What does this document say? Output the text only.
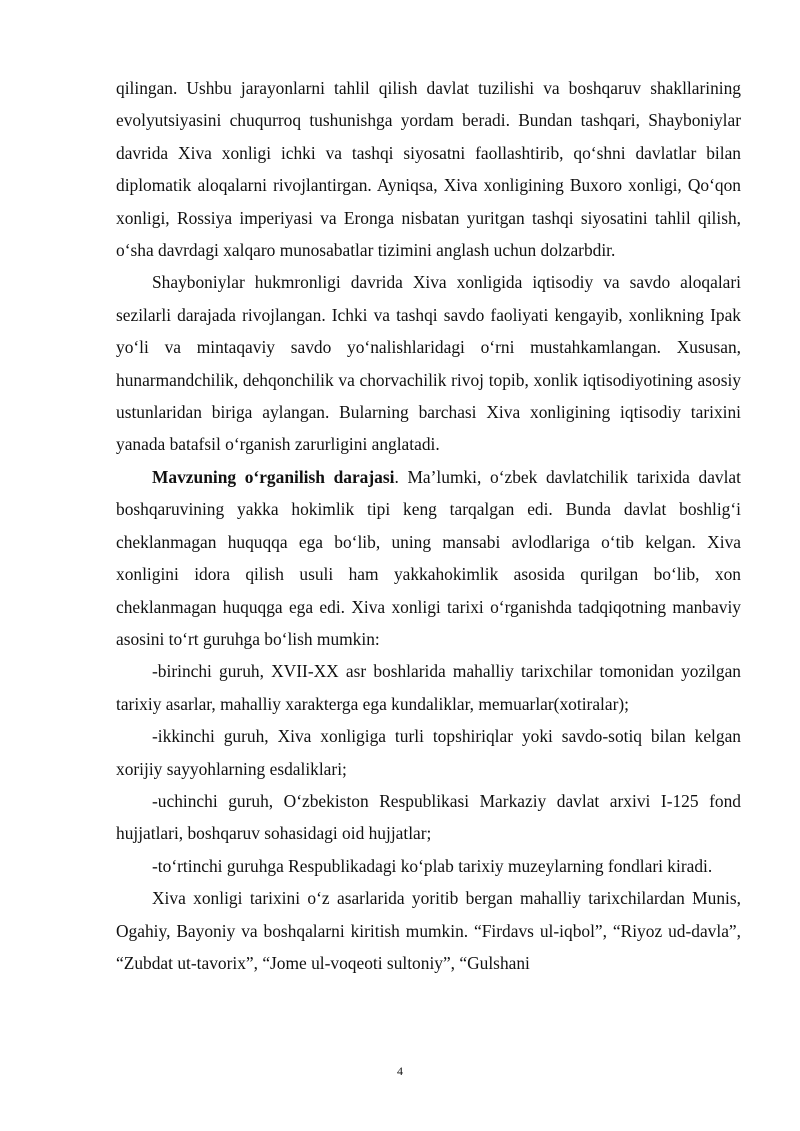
qilingan. Ushbu jarayonlarni tahlil qilish davlat tuzilishi va boshqaruv shakllarining evolyutsiyasini chuqurroq tushunishga yordam beradi. Bundan tashqari, Shayboniylar davrida Xiva xonligi ichki va tashqi siyosatni faollashtirib, qo‘shni davlatlar bilan diplomatik aloqalarni rivojlantirgan. Ayniqsa, Xiva xonligining Buxoro xonligi, Qo‘qon xonligi, Rossiya imperiyasi va Eronga nisbatan yuritgan tashqi siyosatini tahlil qilish, o‘sha davrdagi xalqaro munosabatlar tizimini anglash uchun dolzarbdir.

Shayboniylar hukmronligi davrida Xiva xonligida iqtisodiy va savdo aloqalari sezilarli darajada rivojlangan. Ichki va tashqi savdo faoliyati kengayib, xonlikning Ipak yo‘li va mintaqaviy savdo yo‘nalishlaridagi o‘rni mustahkamlangan. Xususan, hunarmandchilik, dehqonchilik va chorvachilik rivoj topib, xonlik iqtisodiyotining asosiy ustunlaridan biriga aylangan. Bularning barchasi Xiva xonligining iqtisodiy tarixini yanada batafsil o‘rganish zarurligini anglatadi.

Mavzuning o‘rganilish darajasi. Ma’lumki, o‘zbek davlatchilik tarixida davlat boshqaruvining yakka hokimlik tipi keng tarqalgan edi. Bunda davlat boshlig‘i cheklanmagan huquqqa ega bo‘lib, uning mansabi avlodlariga o‘tib kelgan. Xiva xonligini idora qilish usuli ham yakkahokimlik asosida qurilgan bo‘lib, xon cheklanmagan huquqga ega edi. Xiva xonligi tarixi o‘rganishda tadqiqotning manbaviy asosini to‘rt guruhga bo‘lish mumkin:

-birinchi guruh, XVII-XX asr boshlarida mahalliy tarixchilar tomonidan yozilgan tarixiy asarlar, mahalliy xarakterga ega kundaliklar, memuarlar(xotiralar);

-ikkinchi guruh, Xiva xonligiga turli topshiriqlar yoki savdo-sotiq bilan kelgan xorijiy sayyohlarning esdaliklari;

-uchinchi guruh, O‘zbekiston Respublikasi Markaziy davlat arxivi I-125 fond hujjatlari, boshqaruv sohasidagi oid hujjatlar;

-to‘rtinchi guruhga Respublikadagi ko‘plab tarixiy muzeylarning fondlari kiradi.

Xiva xonligi tarixini o‘z asarlarida yoritib bergan mahalliy tarixchilardan Munis, Ogahiy, Bayoniy va boshqalarni kiritish mumkin. “Firdavs ul-iqbol”, “Riyoz ud-davla”, “Zubdat ut-tavorix”, “Jome ul-voqeoti sultoniy”, “Gulshani

4
